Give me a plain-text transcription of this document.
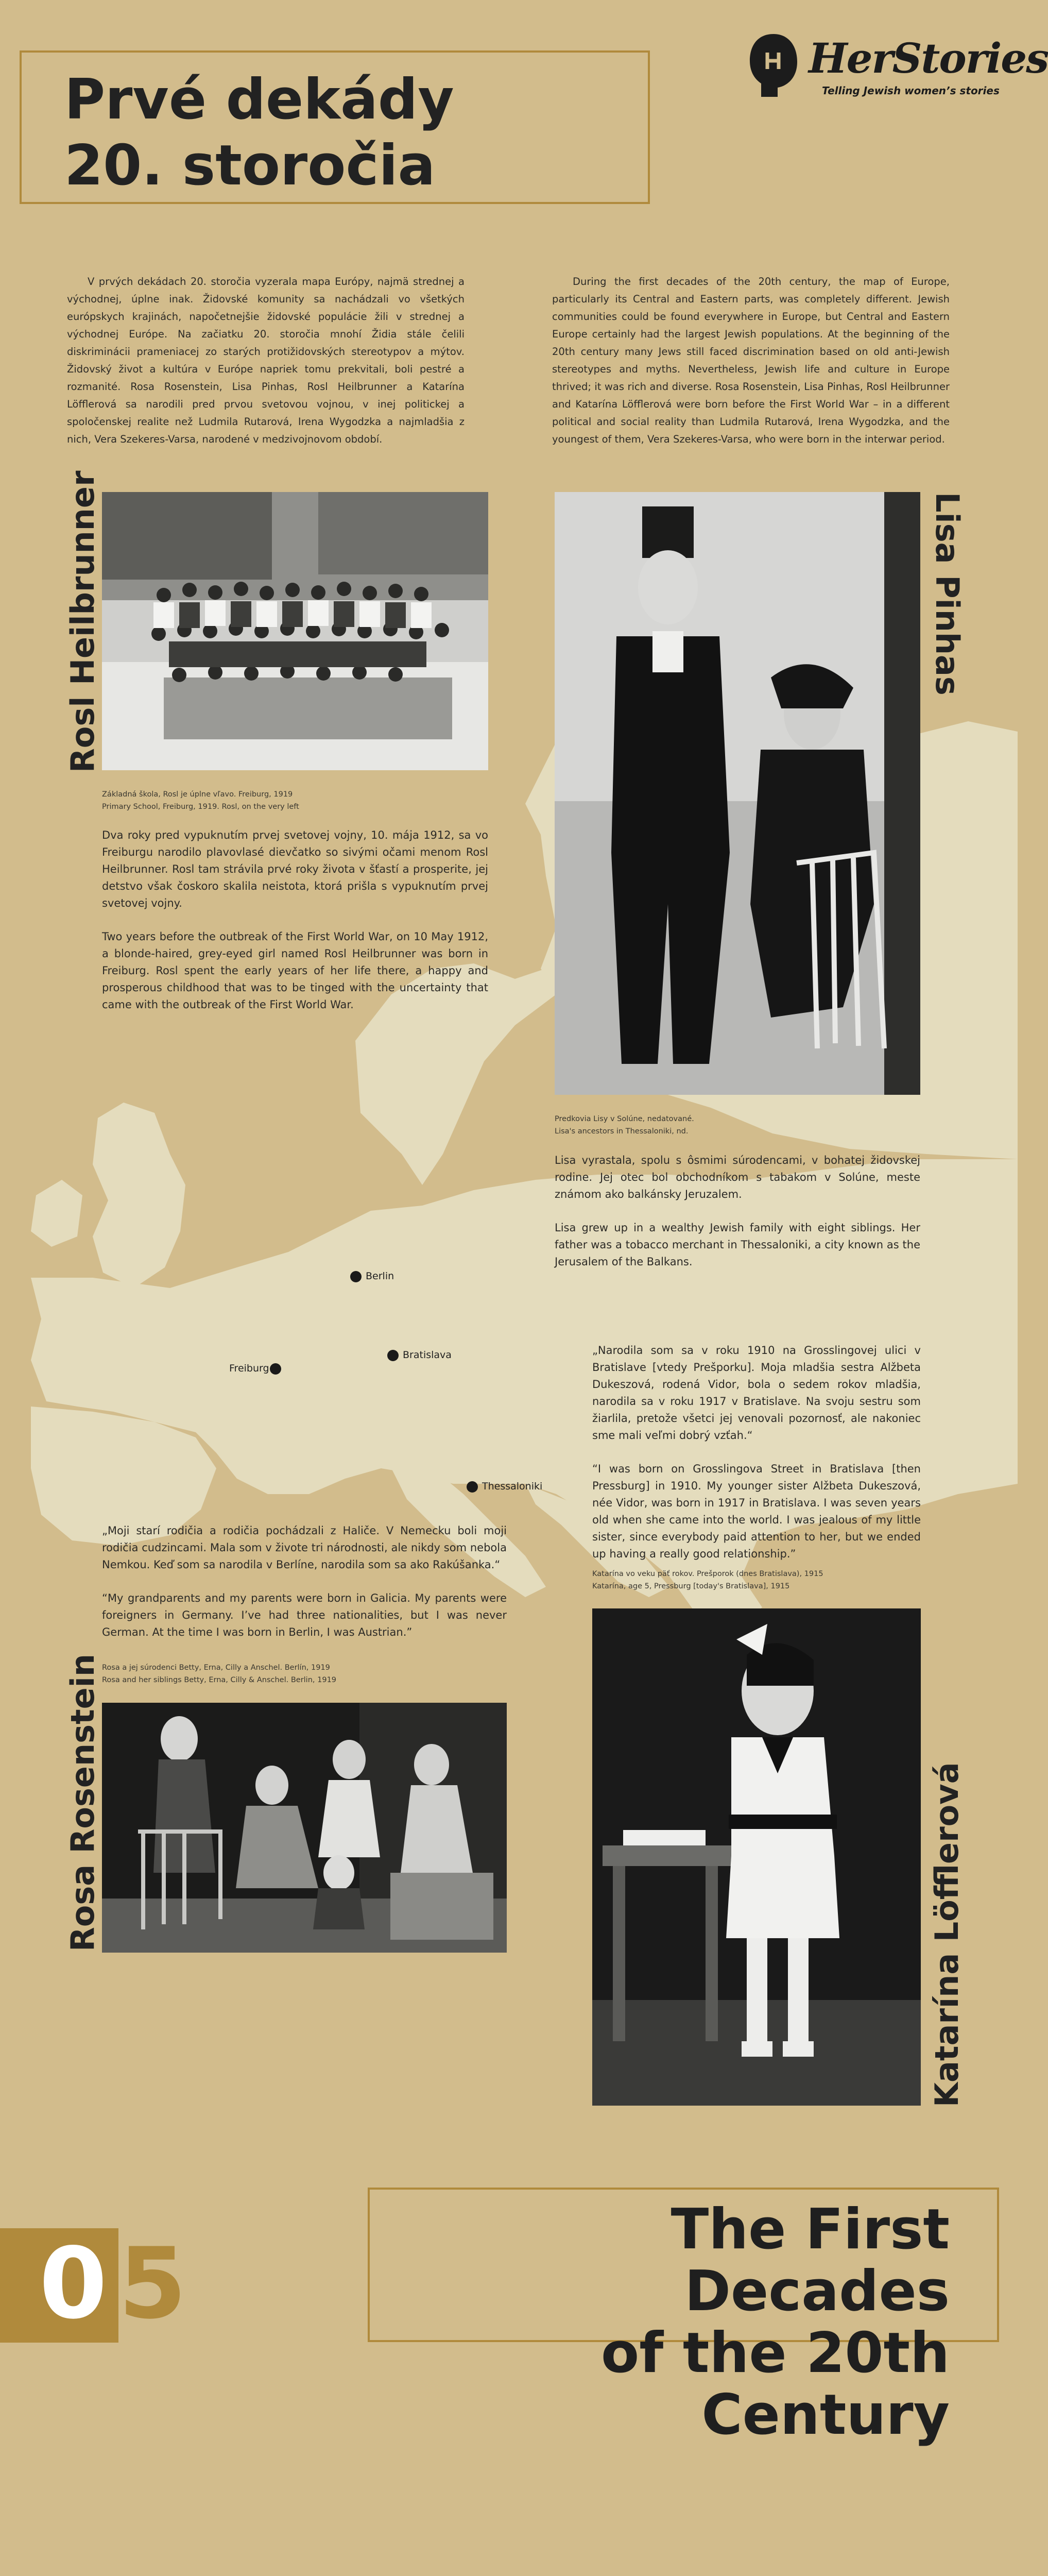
Prvé dekády
20. storočia
HerStories
Telling Jewish women’s stories

V prvých dekádach 20. storočia vyzerala mapa Európy, najmä strednej a východnej, úplne inak. Židovské komunity sa nachádzali vo všetkých európskych krajinách, napočetnejšie židovské populácie žili v strednej a východnej Európe. Na začiatku 20. storočia mnohí Židia stále čelili diskriminácii prameniacej zo starých protižidovských stereotypov a mýtov. Židovský život a kultúra v Európe napriek tomu prekvitali, boli pestré a rozmanité. Rosa Rosenstein, Lisa Pinhas, Rosl Heilbrunner a Katarína Löfflerová sa narodili pred prvou svetovou vojnou, v inej politickej a spoločenskej realite než Ludmila Rutarová, Irena Wygodzka a najmladšia z nich, Vera Szekeres-Varsa, narodené v medzivojnovom období.

During the first decades of the 20th century, the map of Europe, particularly its Central and Eastern parts, was completely different. Jewish communities could be found everywhere in Europe, but Central and Eastern Europe certainly had the largest Jewish populations. At the beginning of the 20th century many Jews still faced discrimination based on old anti-Jewish stereotypes and myths. Nevertheless, Jewish life and culture in Europe thrived; it was rich and diverse. Rosa Rosenstein, Lisa Pinhas, Rosl Heilbrunner and Katarína Löfflerová were born before the First World War – in a different political and social reality than Ludmila Rutarová, Irena Wygodzka, and the youngest of them, Vera Szekeres-Varsa, who were born in the interwar period.

Rosl Heilbrunner
Základná škola, Rosl je úplne vľavo. Freiburg, 1919
Primary School, Freiburg, 1919. Rosl, on the very left

Dva roky pred vypuknutím prvej svetovej vojny, 10. mája 1912, sa vo Freiburgu narodilo plavovlasé dievčatko so sivými očami menom Rosl Heilbrunner. Rosl tam strávila prvé roky života v šťastí a prosperite, jej detstvo však čoskoro skalila neistota, ktorá prišla s vypuknutím prvej svetovej vojny.

Two years before the outbreak of the First World War, on 10 May 1912, a blonde-haired, grey-eyed girl named Rosl Heilbrunner was born in Freiburg. Rosl spent the early years of her life there, a happy and prosperous childhood that was to be tinged with the uncertainty that came with the outbreak of the First World War.

Lisa Pinhas
Predkovia Lisy v Solúne, nedatované.
Lisa's ancestors in Thessaloniki, nd.

Lisa vyrastala, spolu s ôsmimi súrodencami, v bohatej židovskej rodine. Jej otec bol obchodníkom s tabakom v Solúne, meste známom ako balkánsky Jeruzalem.

Lisa grew up in a wealthy Jewish family with eight siblings. Her father was a tobacco merchant in Thessaloniki, a city known as the Jerusalem of the Balkans.

Berlin
Bratislava
Freiburg
Thessaloniki

„Narodila som sa v roku 1910 na Grosslingovej ulici v Bratislave [vtedy Prešporku]. Moja mladšia sestra Alžbeta Dukeszová, rodená Vidor, bola o sedem rokov mladšia, narodila sa v roku 1917 v Bratislave. Na svoju sestru som žiarlila, pretože všetci jej venovali pozornosť, ale nakoniec sme mali veľmi dobrý vzťah.“

“I was born on Grosslingova Street in Bratislava [then Pressburg] in 1910. My younger sister Alžbeta Dukeszová, née Vidor, was born in 1917 in Bratislava. I was seven years old when she came into the world. I was jealous of my little sister, since everybody paid attention to her, but we ended up having a really good relationship.”

Katarína vo veku päť rokov. Prešporok (dnes Bratislava), 1915
Katarína, age 5, Pressburg [today's Bratislava], 1915
Katarína Löfflerová

„Moji starí rodičia a rodičia pochádzali z Haliče. V Nemecku boli moji rodičia cudzincami. Mala som v živote tri národnosti, ale nikdy som nebola Nemkou. Keď som sa narodila v Berlíne, narodila som sa ako Rakúšanka.“

“My grandparents and my parents were born in Galicia. My parents were foreigners in Germany. I’ve had three nationalities, but I was never German. At the time I was born in Berlin, I was Austrian.”

Rosa a jej súrodenci Betty, Erna, Cilly a Anschel. Berlín, 1919
Rosa and her siblings Betty, Erna, Cilly & Anschel. Berlin, 1919
Rosa Rosenstein
0 5	The First Decades
of the 20th Century
